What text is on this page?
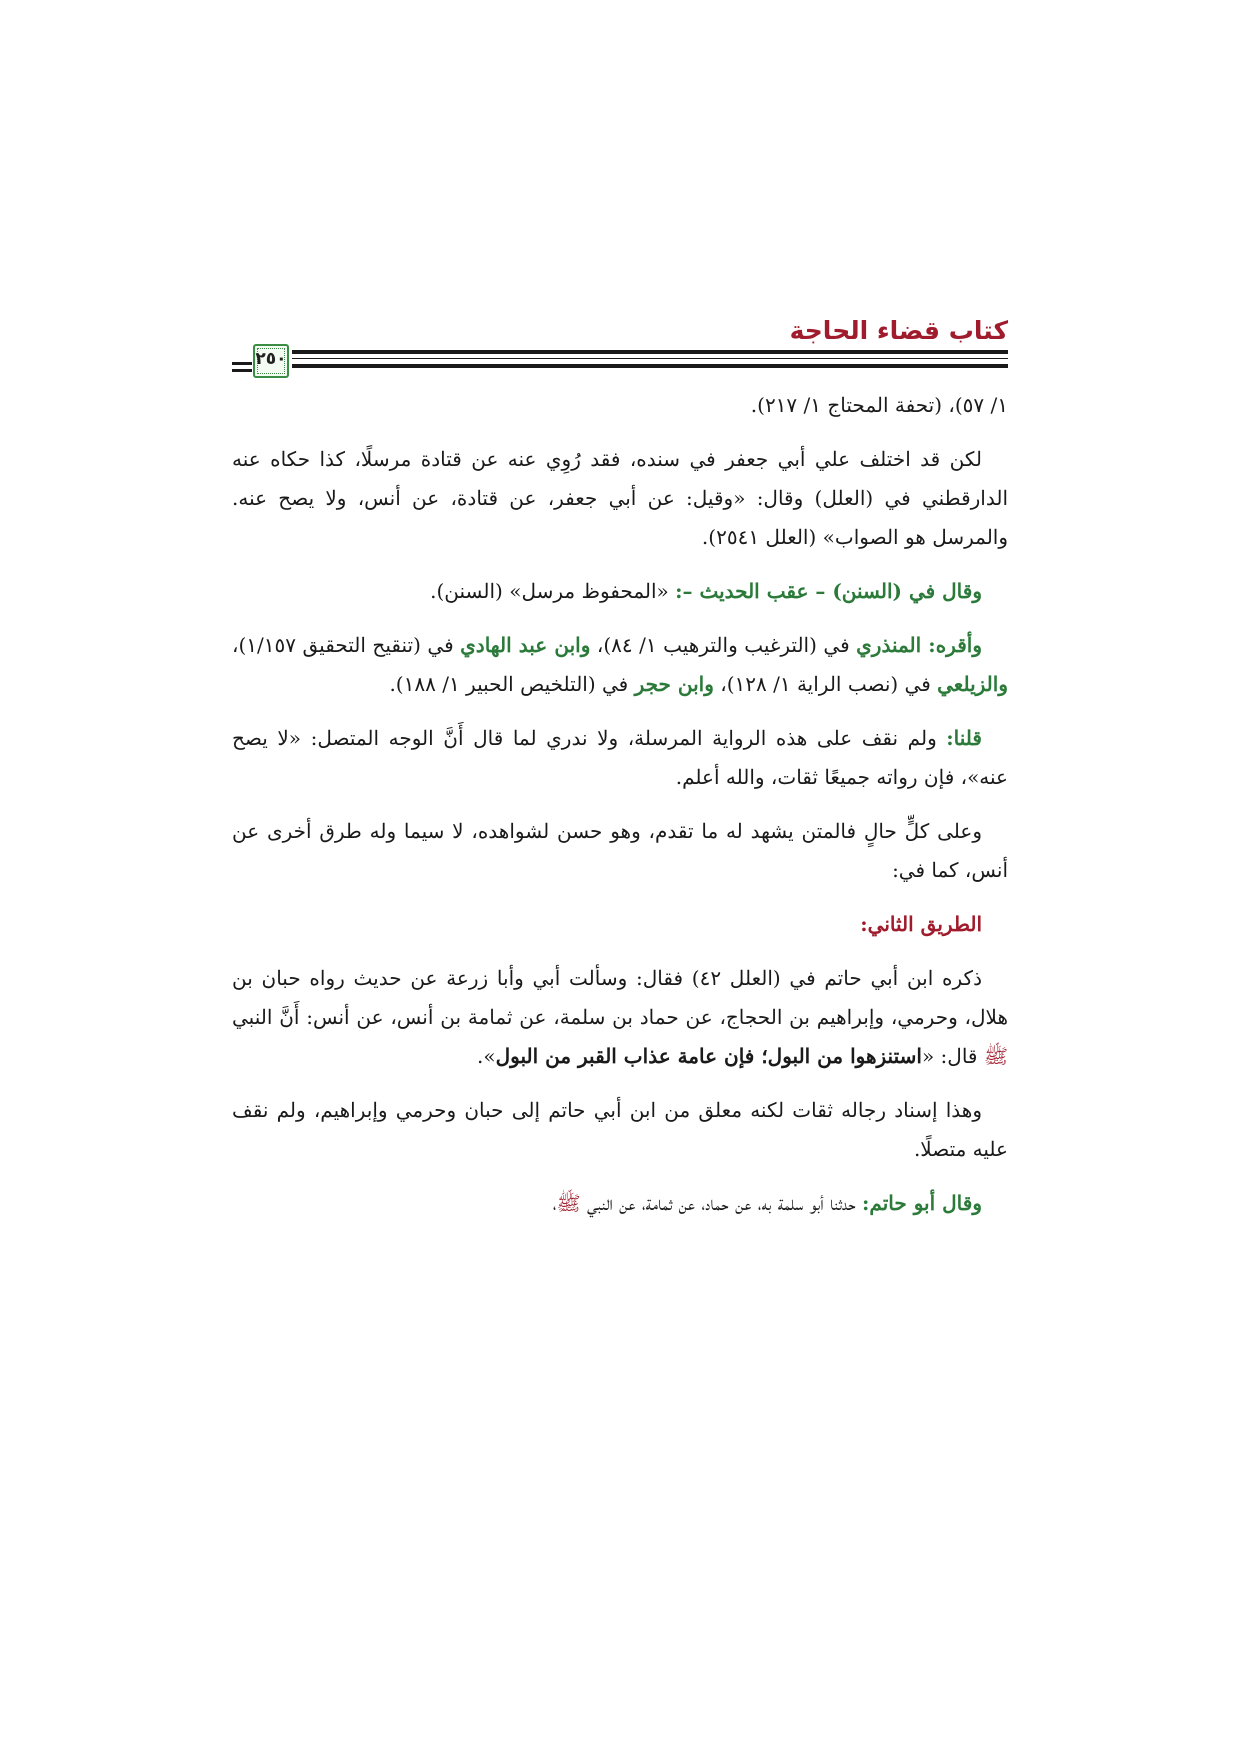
كتاب قضاء الحاجة
٢٥٠

١/ ٥٧)، (تحفة المحتاج ١/ ٢١٧).

لكن قد اختلف علي أبي جعفر في سنده، فقد رُوِي عنه عن قتادة مرسلًا، كذا حكاه عنه الدارقطني في (العلل) وقال: «وقيل: عن أبي جعفر، عن قتادة، عن أنس، ولا يصح عنه. والمرسل هو الصواب» (العلل ٢٥٤١).

وقال في (السنن) – عقب الحديث –: «المحفوظ مرسل» (السنن).

وأقره: المنذري في (الترغيب والترهيب ١/ ٨٤)، وابن عبد الهادي في (تنقيح التحقيق ١/١٥٧)، والزيلعي في (نصب الراية ١/ ١٢٨)، وابن حجر في (التلخيص الحبير ١/ ١٨٨).

قلنا: ولم نقف على هذه الرواية المرسلة، ولا ندري لما قال أَنَّ الوجه المتصل: «لا يصح عنه»، فإن رواته جميعًا ثقات، والله أعلم.

وعلى كلٍّ حالٍ فالمتن يشهد له ما تقدم، وهو حسن لشواهده، لا سيما وله طرق أخرى عن أنس، كما في:

الطريق الثاني:

ذكره ابن أبي حاتم في (العلل ٤٢) فقال: وسألت أبي وأبا زرعة عن حديث رواه حبان بن هلال، وحرمي، وإبراهيم بن الحجاج، عن حماد بن سلمة، عن ثمامة بن أنس، عن أنس: أَنَّ النبي ﷺ قال: «استنزهوا من البول؛ فإن عامة عذاب القبر من البول».

وهذا إسناد رجاله ثقات لكنه معلق من ابن أبي حاتم إلى حبان وحرمي وإبراهيم، ولم نقف عليه متصلًا.

وقال أبو حاتم: حدثنا أبو سلمة به، عن حماد، عن ثمامة، عن النبي ﷺ،
